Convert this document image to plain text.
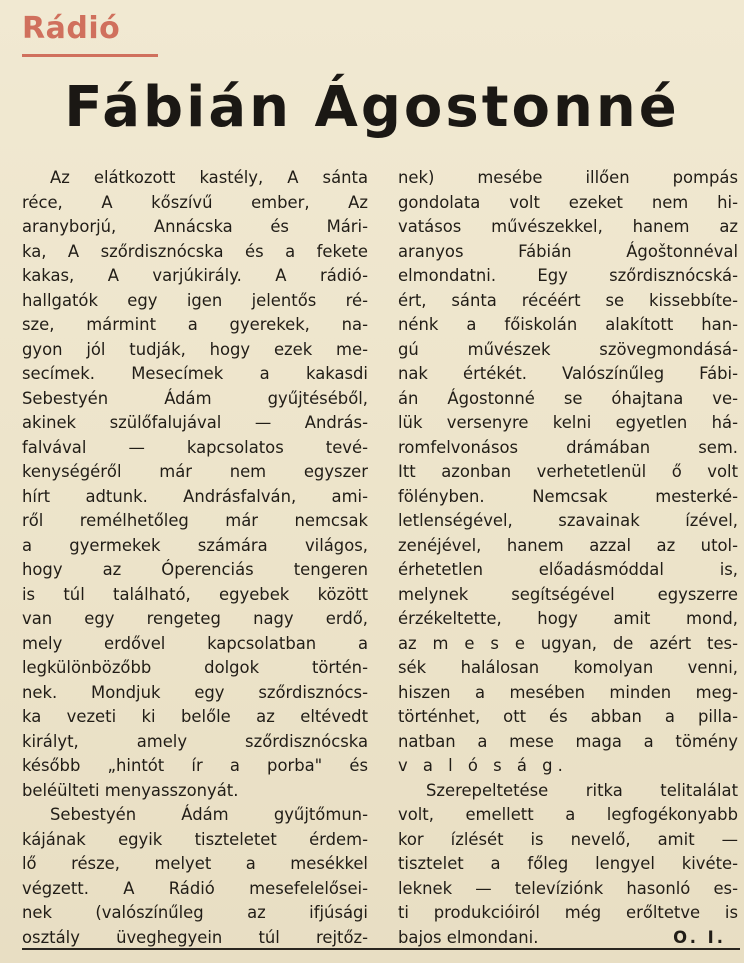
Rádió
Fábián Ágostonné
Az elátkozott kastély, A sánta
réce, A kőszívű ember, Az
aranyborjú, Annácska és Mári-
ka, A szőrdisznócska és a fekete
kakas, A varjúkirály. A rádió-
hallgatók egy igen jelentős ré-
sze, mármint a gyerekek, na-
gyon jól tudják, hogy ezek me-
secímek. Mesecímek a kakasdi
Sebestyén Ádám gyűjtéséből,
akinek szülőfalujával — András-
falvával — kapcsolatos tevé-
kenységéről már nem egyszer
hírt adtunk. Andrásfalván, ami-
ről remélhetőleg már nemcsak
a gyermekek számára világos,
hogy az Óperenciás tengeren
is túl található, egyebek között
van egy rengeteg nagy erdő,
mely erdővel kapcsolatban a
legkülönbözőbb dolgok történ-
nek. Mondjuk egy szőrdisznócs-
ka vezeti ki belőle az eltévedt
királyt, amely szőrdisznócska
később „hintót ír a porba" és
beléülteti menyasszonyát.
Sebestyén Ádám gyűjtőmun-
kájának egyik tiszteletet érdem-
lő része, melyet a mesékkel
végzett. A Rádió mesefelelősei-
nek (valószínűleg az ifjúsági
osztály üveghegyein túl rejtőz-
nek) mesébe illően pompás
gondolata volt ezeket nem hi-
vatásos művészekkel, hanem az
aranyos Fábián Ágoštonnéval
elmondatni. Egy szőrdisznócská-
ért, sánta récéért se kissebbíte-
nénk a főiskolán alakított han-
gú művészek szövegmondásá-
nak értékét. Valószínűleg Fábi-
án Ágostonné se óhajtana ve-
lük versenyre kelni egyetlen há-
romfelvonásos drámában sem.
Itt azonban verhetetlenül ő volt
fölényben. Nemcsak mesterké-
letlenségével, szavainak ízével,
zenéjével, hanem azzal az utol-
érhetetlen előadásmóddal is,
melynek segítségével egyszerre
érzékeltette, hogy amit mond,
az m e s e ugyan, de azért tes-
sék halálosan komolyan venni,
hiszen a mesében minden meg-
történhet, ott és abban a pilla-
natban a mese maga a tömény
v a l ó s á g.
Szerepeltetése ritka telitalálat
volt, emellett a legfogékonyabb
kor ízlését is nevelő, amit —
tisztelet a főleg lengyel kivéte-
leknek — televíziónk hasonló es-
ti produkcióiról még erőltetve is
bajos elmondani.	O. I.
